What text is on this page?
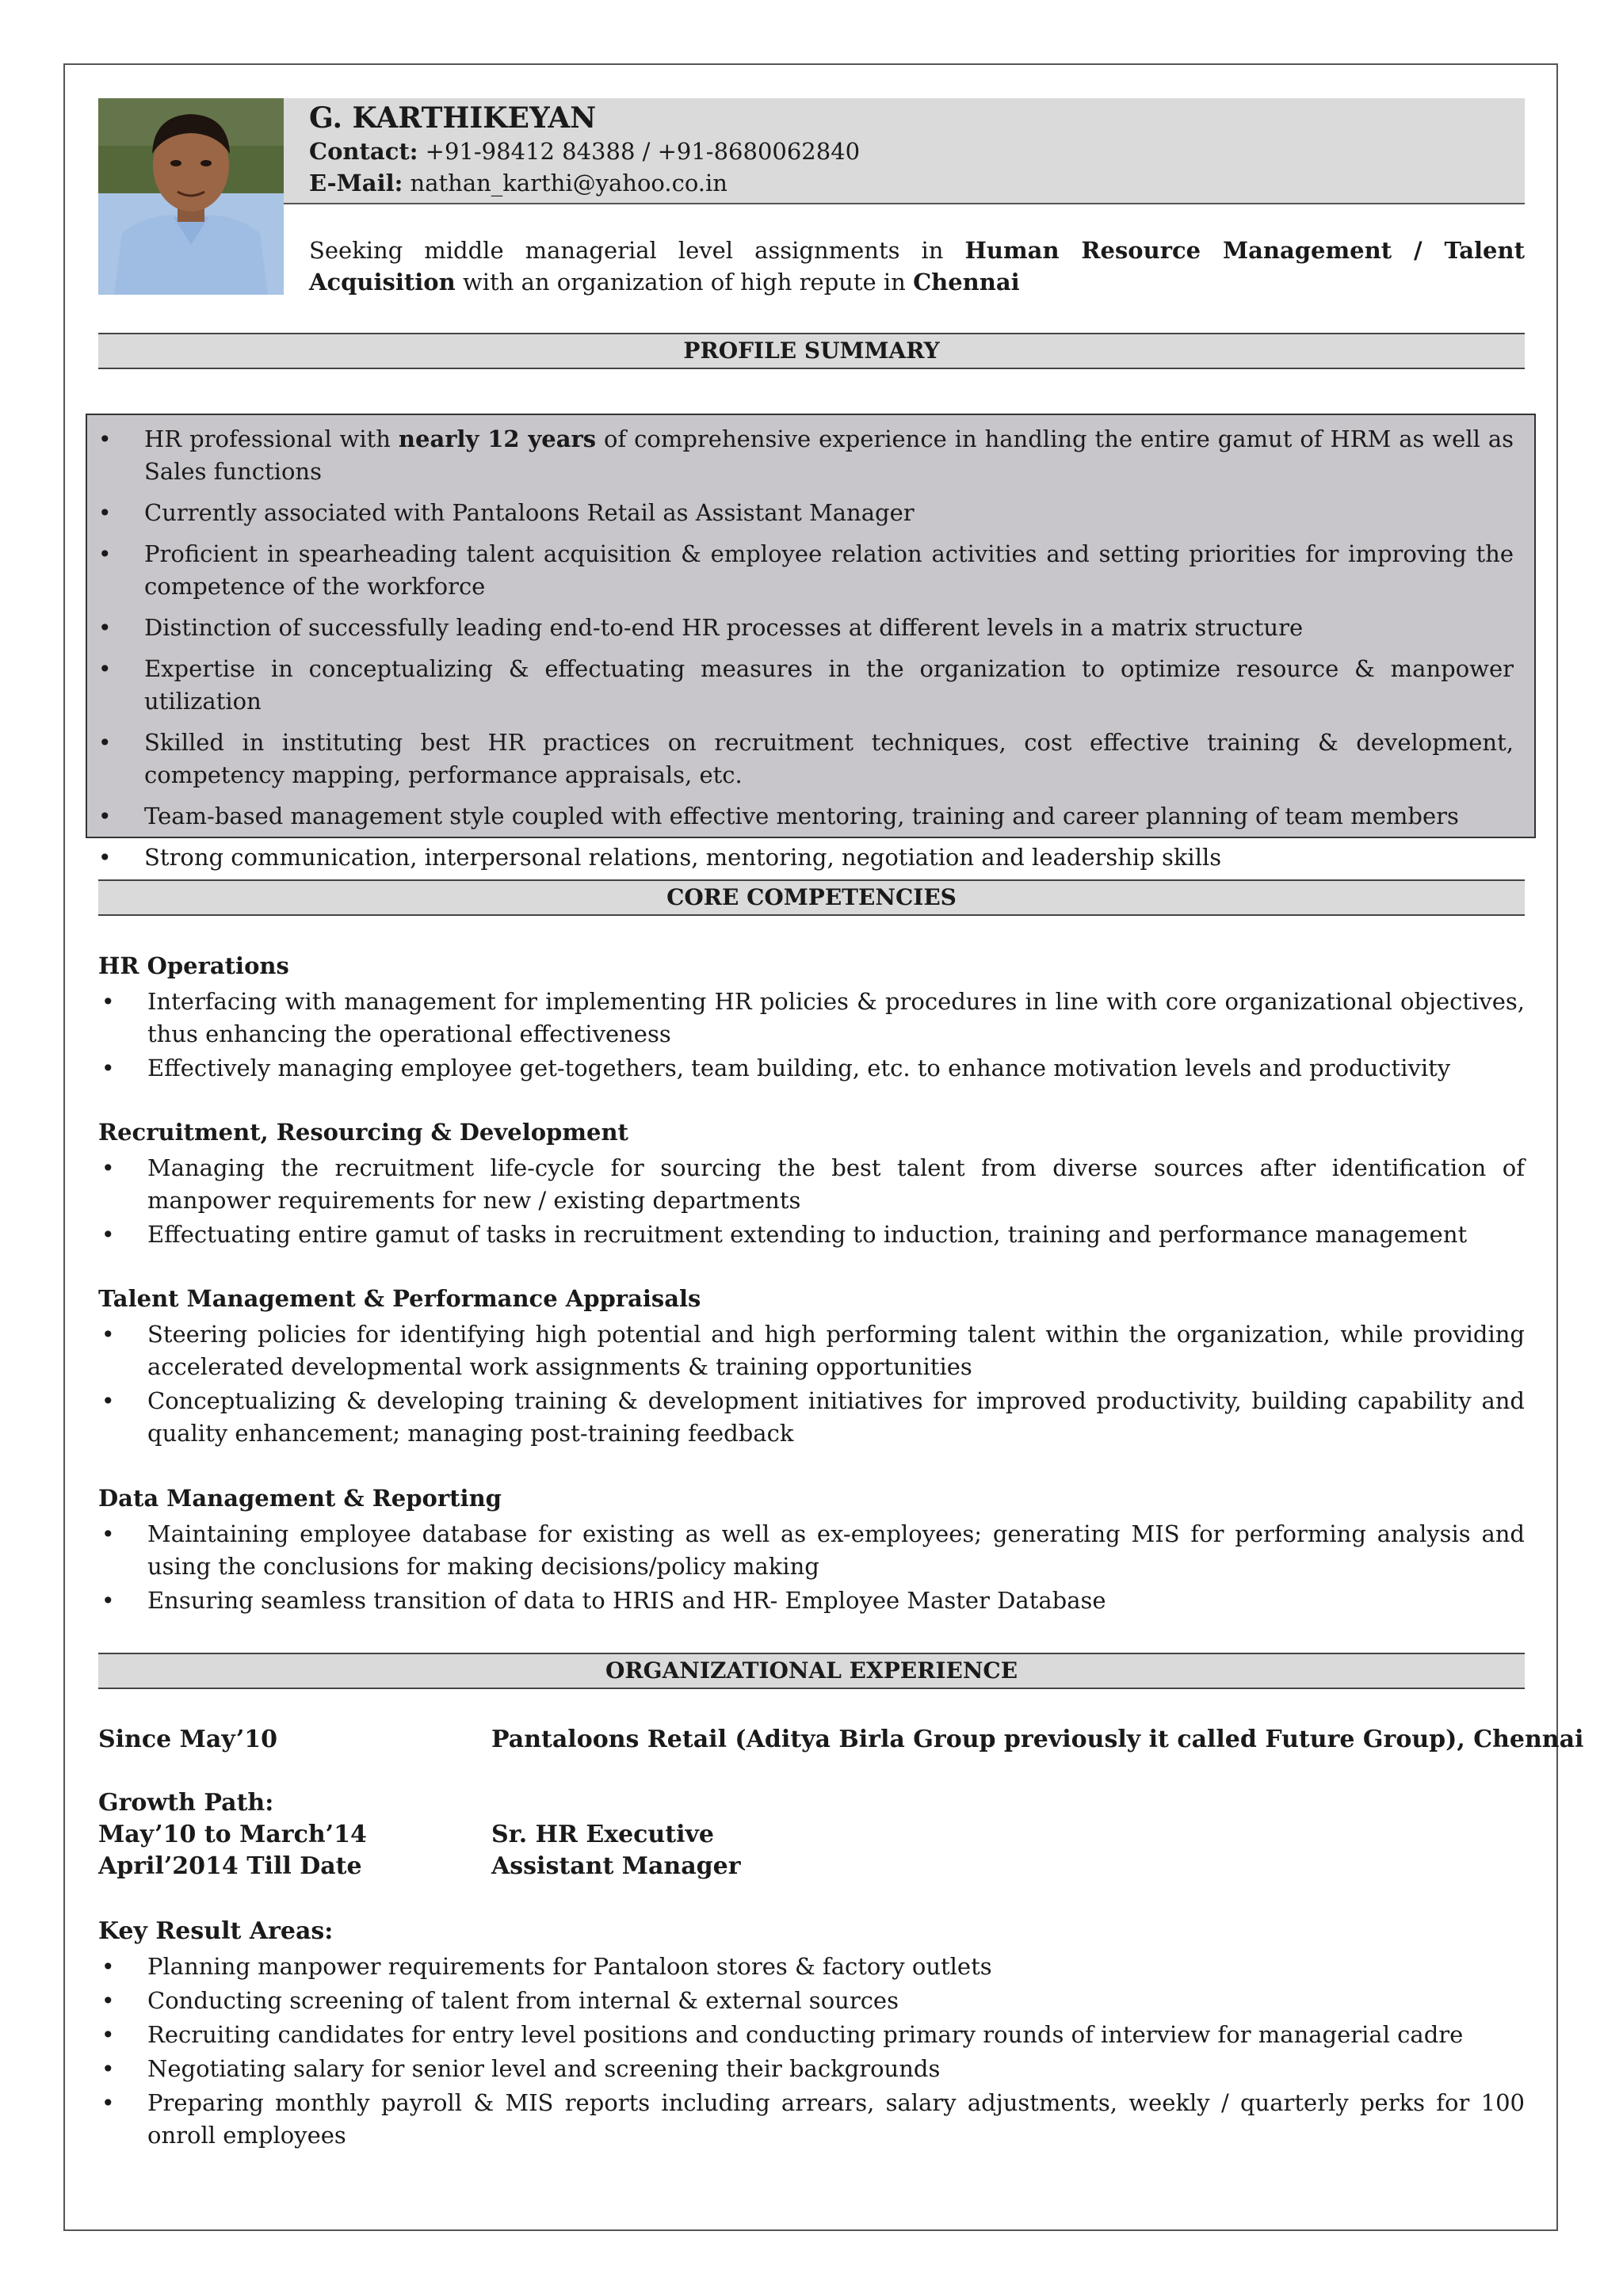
G. KARTHIKEYAN
Contact: +91-98412 84388 / +91-8680062840
E-Mail: nathan_karthi@yahoo.co.in
Seeking middle managerial level assignments in Human Resource Management / Talent Acquisition with an organization of high repute in Chennai
PROFILE SUMMARY
• HR professional with nearly 12 years of comprehensive experience in handling the entire gamut of HRM as well as Sales functions
• Currently associated with Pantaloons Retail as Assistant Manager
• Proficient in spearheading talent acquisition & employee relation activities and setting priorities for improving the competence of the workforce
• Distinction of successfully leading end-to-end HR processes at different levels in a matrix structure
• Expertise in conceptualizing & effectuating measures in the organization to optimize resource & manpower utilization
• Skilled in instituting best HR practices on recruitment techniques, cost effective training & development, competency mapping, performance appraisals, etc.
• Team-based management style coupled with effective mentoring, training and career planning of team members
• Strong communication, interpersonal relations, mentoring, negotiation and leadership skills
CORE COMPETENCIES
HR Operations
• Interfacing with management for implementing HR policies & procedures in line with core organizational objectives, thus enhancing the operational effectiveness
• Effectively managing employee get-togethers, team building, etc. to enhance motivation levels and productivity
Recruitment, Resourcing & Development
• Managing the recruitment life-cycle for sourcing the best talent from diverse sources after identification of manpower requirements for new / existing departments
• Effectuating entire gamut of tasks in recruitment extending to induction, training and performance management
Talent Management & Performance Appraisals
• Steering policies for identifying high potential and high performing talent within the organization, while providing accelerated developmental work assignments & training opportunities
• Conceptualizing & developing training & development initiatives for improved productivity, building capability and quality enhancement; managing post-training feedback
Data Management & Reporting
• Maintaining employee database for existing as well as ex-employees; generating MIS for performing analysis and using the conclusions for making decisions/policy making
• Ensuring seamless transition of data to HRIS and HR- Employee Master Database
ORGANIZATIONAL EXPERIENCE
Since May’10	Pantaloons Retail (Aditya Birla Group previously it called Future Group), Chennai
Growth Path:
May’10 to March’14	Sr. HR Executive
April’2014 Till Date	Assistant Manager
Key Result Areas:
• Planning manpower requirements for Pantaloon stores & factory outlets
• Conducting screening of talent from internal & external sources
• Recruiting candidates for entry level positions and conducting primary rounds of interview for managerial cadre
• Negotiating salary for senior level and screening their backgrounds
• Preparing monthly payroll & MIS reports including arrears, salary adjustments, weekly / quarterly perks for 100 onroll employees
